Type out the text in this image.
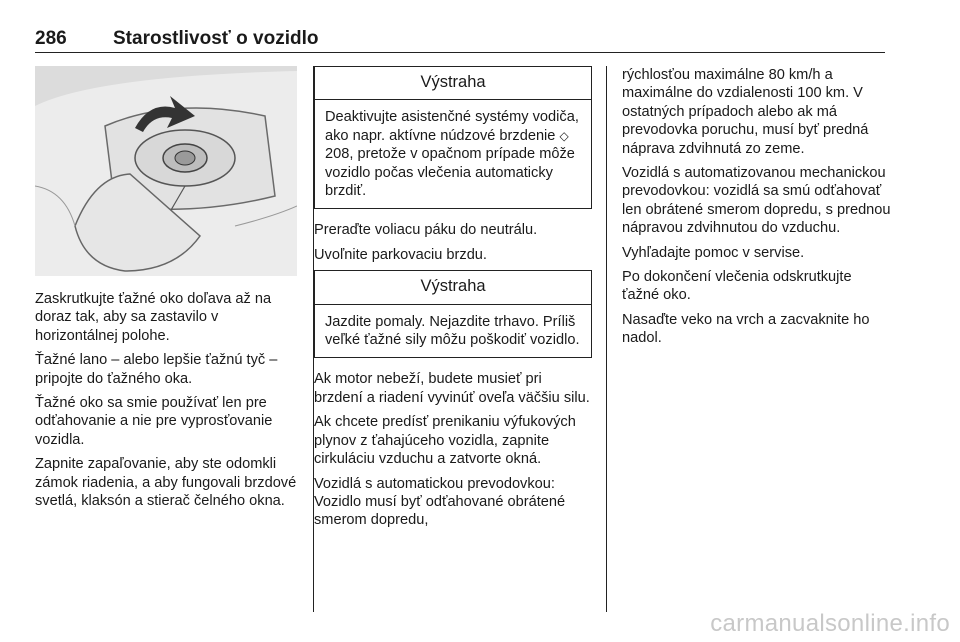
286 Starostlivosť o vozidlo

Zaskrutkujte ťažné oko doľava až na doraz tak, aby sa zastavilo v horizontálnej polohe.

Ťažné lano – alebo lepšie ťažnú tyč – pripojte do ťažného oka.

Ťažné oko sa smie používať len pre odťahovanie a nie pre vyprosťovanie vozidla.

Zapnite zapaľovanie, aby ste odomkli zámok riadenia, a aby fungovali brzdové svetlá, klaksón a stierač čelného okna.

Výstraha
Deaktivujte asistenčné systémy vodiča, ako napr. aktívne núdzové brzdenie ◇ 208, pretože v opačnom prípade môže vozidlo počas vlečenia automaticky brzdiť.

Preraďte voliacu páku do neutrálu.

Uvoľnite parkovaciu brzdu.

Výstraha
Jazdite pomaly. Nejazdite trhavo. Príliš veľké ťažné sily môžu poškodiť vozidlo.

Ak motor nebeží, budete musieť pri brzdení a riadení vyvinúť oveľa väčšiu silu.

Ak chcete predísť prenikaniu výfukových plynov z ťahajúceho vozidla, zapnite cirkuláciu vzduchu a zatvorte okná.

Vozidlá s automatickou prevodovkou: Vozidlo musí byť odťahované obrátené smerom dopredu,

rýchlosťou maximálne 80 km/h a maximálne do vzdialenosti 100 km. V ostatných prípadoch alebo ak má prevodovka poruchu, musí byť predná náprava zdvihnutá zo zeme.

Vozidlá s automatizovanou mechanickou prevodovkou: vozidlá sa smú odťahovať len obrátené smerom dopredu, s prednou nápravou zdvihnutou do vzduchu.

Vyhľadajte pomoc v servise.

Po dokončení vlečenia odskrutkujte ťažné oko.

Nasaďte veko na vrch a zacvaknite ho nadol.

carmanualsonline.info
